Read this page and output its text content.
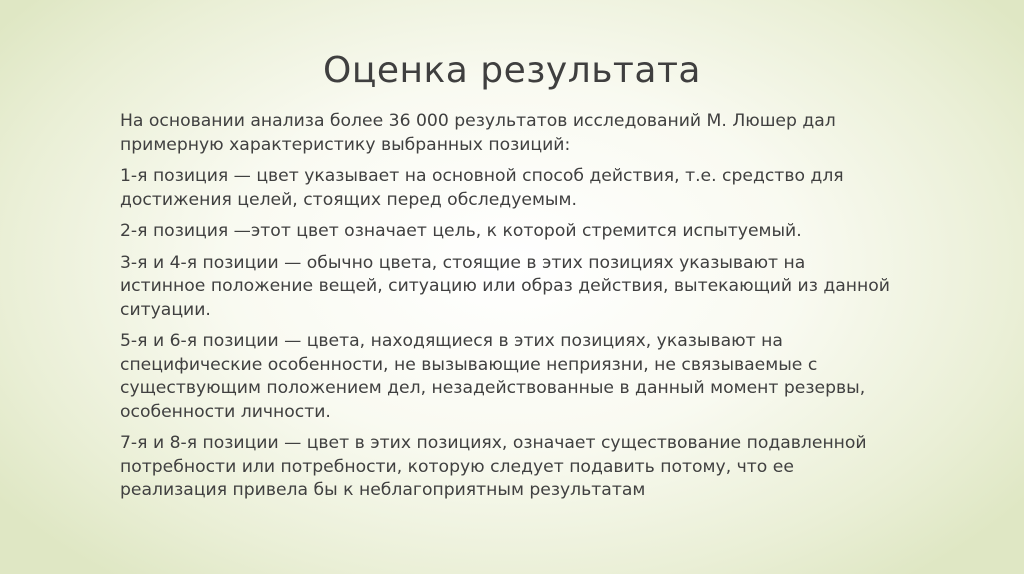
Оценка результата

На основании анализа более 36 000 результатов исследований М. Люшер дал примерную характеристику выбранных позиций:

1-я позиция — цвет указывает на основной способ действия, т.е. средство для достижения целей, стоящих перед обследуемым.

2-я позиция —этот цвет означает цель, к которой стремится испытуемый.

3-я и 4-я позиции — обычно цвета, стоящие в этих позициях указывают на истинное положение вещей, ситуацию или образ действия, вытекающий из данной ситуации.

5-я и 6-я позиции — цвета, находящиеся в этих позициях, указывают на специфические особенности, не вызывающие неприязни, не связываемые с существующим положением дел, незадействованные в данный момент резервы, особенности личности.

7-я и 8-я позиции — цвет в этих позициях, означает существование подавленной потребности или потребности, которую следует подавить потому, что ее реализация привела бы к неблагоприятным результатам
